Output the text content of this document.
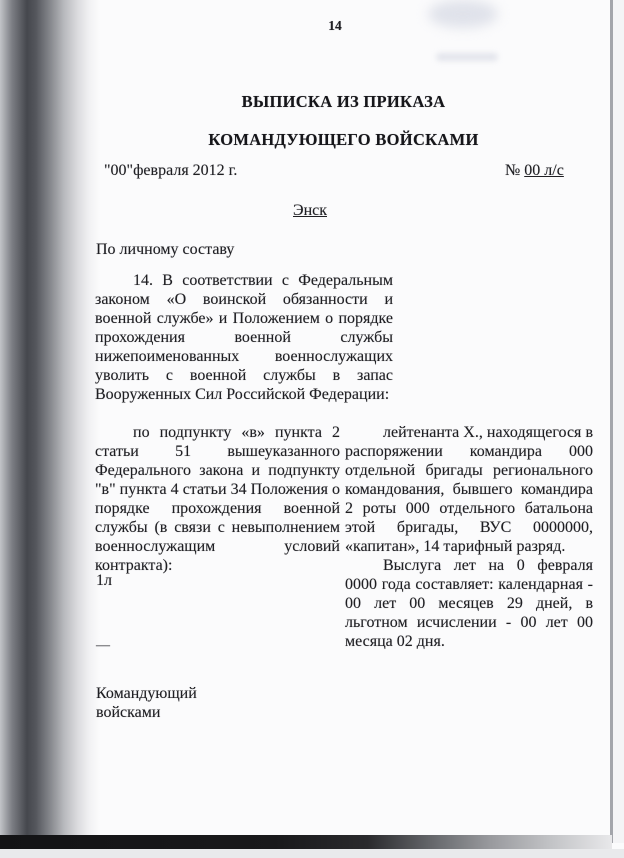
14
ВЫПИСКА ИЗ ПРИКАЗА
КОМАНДУЮЩЕГО ВОЙСКАМИ
"00"февраля 2012 г.	№ 00 л/с
Энск
По личному составу
14. В соответствии с Федеральным законом «О воинской обязанности и военной службе» и Положением о порядке прохождения военной службы нижепоименованных военнослужащих уволить с военной службы в запас Вооруженных Сил Российской Федерации:
по подпункту «в» пункта 2 статьи 51 вышеуказанного Федерального закона и подпункту "в" пункта 4 статьи 34 Положения о порядке прохождения военной службы (в связи с невыполнением военнослужащим условий контракта):
1л
—

лейтенанта Х., находящегося в распоряжении командира 000 отдельной бригады регионального командования, бывшего командира 2 роты 000 отдельного батальона этой бригады, ВУС 0000000, «капитан», 14 тарифный разряд.

Выслуга лет на 0 февраля 0000 года составляет: календарная - 00 лет 00 месяцев 29 дней, в льготном исчислении - 00 лет 00 месяца 02 дня.

Командующий
войсками
